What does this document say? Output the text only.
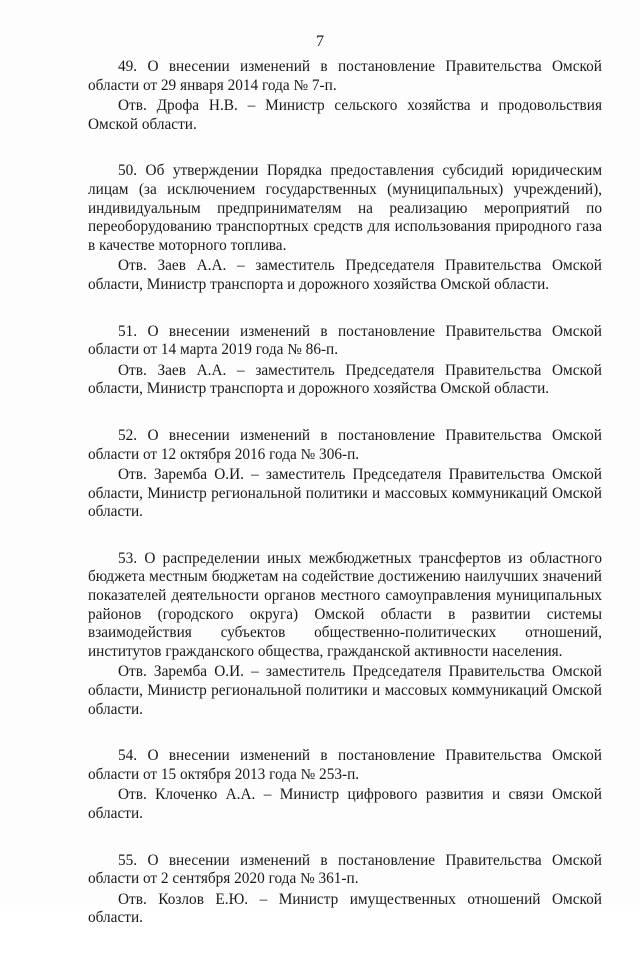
7

49. О внесении изменений в постановление Правительства Омской области от 29 января 2014 года № 7-п.

Отв. Дрофа Н.В. – Министр сельского хозяйства и продовольствия Омской области.

50. Об утверждении Порядка предоставления субсидий юридическим лицам (за исключением государственных (муниципальных) учреждений), индивидуальным предпринимателям на реализацию мероприятий по переоборудованию транспортных средств для использования природного газа в качестве моторного топлива.

Отв. Заев А.А. – заместитель Председателя Правительства Омской области, Министр транспорта и дорожного хозяйства Омской области.

51. О внесении изменений в постановление Правительства Омской области от 14 марта 2019 года № 86-п.

Отв. Заев А.А. – заместитель Председателя Правительства Омской области, Министр транспорта и дорожного хозяйства Омской области.

52. О внесении изменений в постановление Правительства Омской области от 12 октября 2016 года № 306-п.

Отв. Заремба О.И. – заместитель Председателя Правительства Омской области, Министр региональной политики и массовых коммуникаций Омской области.

53. О распределении иных межбюджетных трансфертов из областного бюджета местным бюджетам на содействие достижению наилучших значений показателей деятельности органов местного самоуправления муниципальных районов (городского округа) Омской области в развитии системы взаимодействия субъектов общественно-политических отношений, институтов гражданского общества, гражданской активности населения.

Отв. Заремба О.И. – заместитель Председателя Правительства Омской области, Министр региональной политики и массовых коммуникаций Омской области.

54. О внесении изменений в постановление Правительства Омской области от 15 октября 2013 года № 253-п.

Отв. Клоченко А.А. – Министр цифрового развития и связи Омской области.

55. О внесении изменений в постановление Правительства Омской области от 2 сентября 2020 года № 361-п.

Отв. Козлов Е.Ю. – Министр имущественных отношений Омской области.
